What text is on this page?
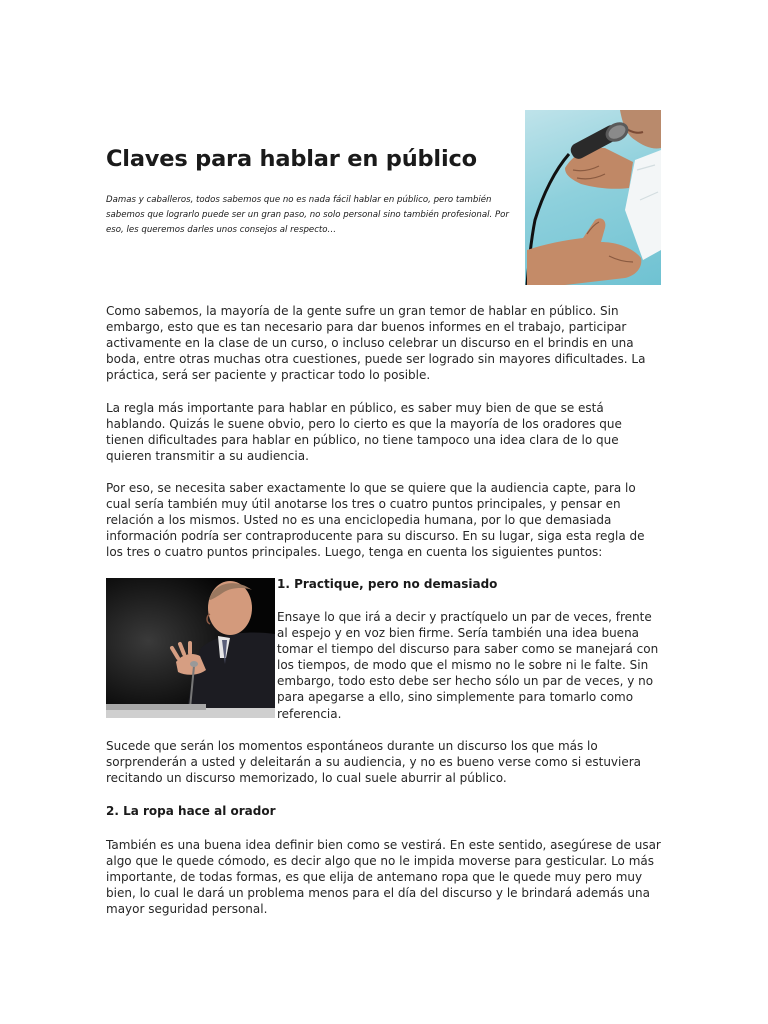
Claves para hablar en público

Damas y caballeros, todos sabemos que no es nada fácil hablar en público, pero también sabemos que lograrlo puede ser un gran paso, no solo personal sino también profesional. Por eso, les queremos darles unos consejos al respecto…

Como sabemos, la mayoría de la gente sufre un gran temor de hablar en público. Sin embargo, esto que es tan necesario para dar buenos informes en el trabajo, participar activamente en la clase de un curso, o incluso celebrar un discurso en el brindis en una boda, entre otras muchas otra cuestiones, puede ser logrado sin mayores dificultades. La práctica, será ser paciente y practicar todo lo posible.

La regla más importante para hablar en público, es saber muy bien de que se está hablando. Quizás le suene obvio, pero lo cierto es que la mayoría de los oradores que tienen dificultades para hablar en público, no tiene tampoco una idea clara de lo que quieren transmitir a su audiencia.

Por eso, se necesita saber exactamente lo que se quiere que la audiencia capte, para lo cual sería también muy útil anotarse los tres o cuatro puntos principales, y pensar en relación a los mismos. Usted no es una enciclopedia humana, por lo que demasiada información podría ser contraproducente para su discurso. En su lugar, siga esta regla de los tres o cuatro puntos principales. Luego, tenga en cuenta los siguientes puntos:

1. Practique, pero no demasiado

Ensaye lo que irá a decir y practíquelo un par de veces, frente al espejo y en voz bien firme. Sería también una idea buena tomar el tiempo del discurso para saber como se manejará con los tiempos, de modo que el mismo no le sobre ni le falte. Sin embargo, todo esto debe ser hecho sólo un par de veces, y no para apegarse a ello, sino simplemente para tomarlo como referencia.

Sucede que serán los momentos espontáneos durante un discurso los que más lo sorprenderán a usted y deleitarán a su audiencia, y no es bueno verse como si estuviera recitando un discurso memorizado, lo cual suele aburrir al público.

2. La ropa hace al orador

También es una buena idea definir bien como se vestirá. En este sentido, asegúrese de usar algo que le quede cómodo, es decir algo que no le impida moverse para gesticular. Lo más importante, de todas formas, es que elija de antemano ropa que le quede muy pero muy bien, lo cual le dará un problema menos para el día del discurso y le brindará además una mayor seguridad personal.
